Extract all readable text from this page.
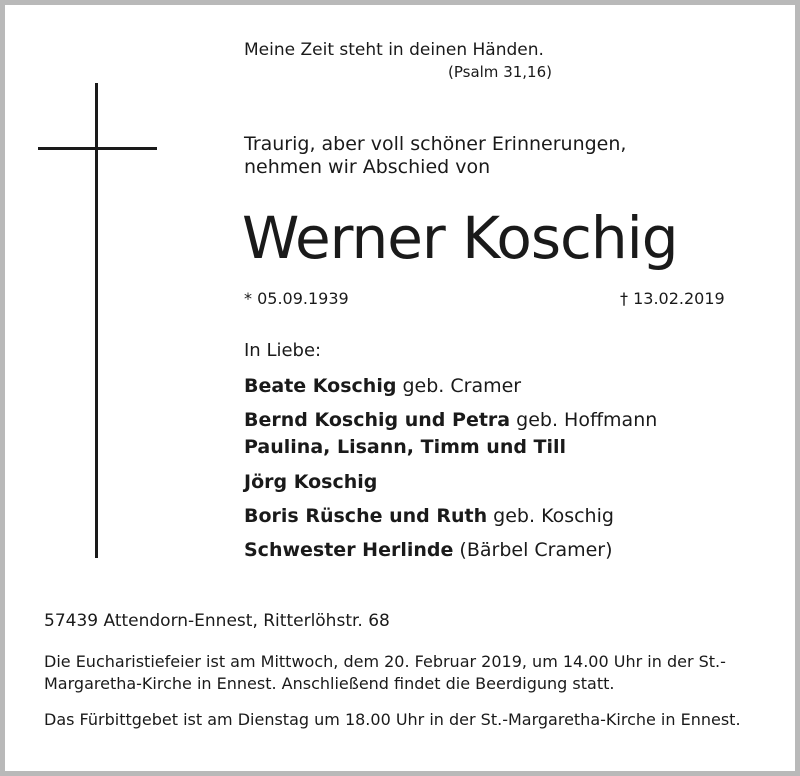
Meine Zeit steht in deinen Händen.
(Psalm 31,16)
Traurig, aber voll schöner Erinnerungen,
nehmen wir Abschied von
Werner Koschig
* 05.09.1939	† 13.02.2019
In Liebe:
Beate Koschig geb. Cramer
Bernd Koschig und Petra geb. Hoffmann
Paulina, Lisann, Timm und Till
Jörg Koschig
Boris Rüsche und Ruth geb. Koschig
Schwester Herlinde (Bärbel Cramer)
57439 Attendorn-Ennest, Ritterlöhstr. 68
Die Eucharistiefeier ist am Mittwoch, dem 20. Februar 2019, um 14.00 Uhr in der St.-Margaretha-Kirche in Ennest. Anschließend findet die Beerdigung statt.
Das Fürbittgebet ist am Dienstag um 18.00 Uhr in der St.-Margaretha-Kirche in Ennest.
